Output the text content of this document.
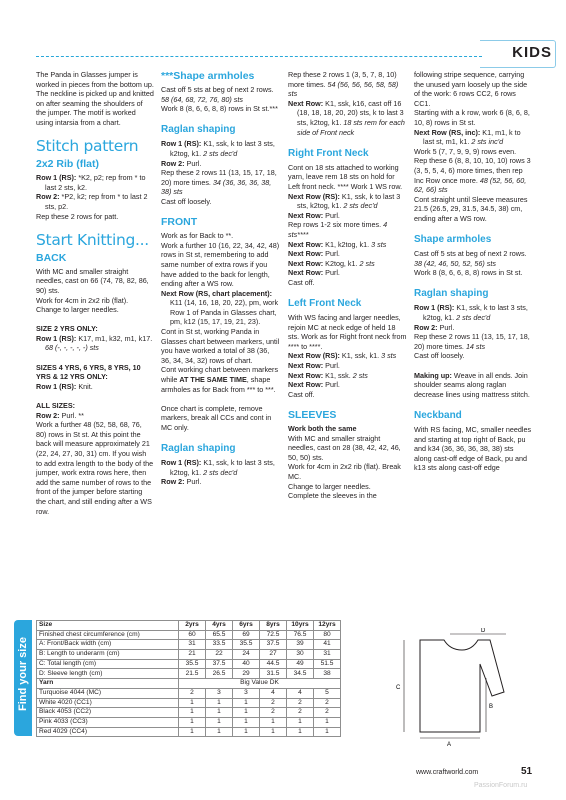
KIDS

The Panda in Glasses jumper is worked in pieces from the bottom up. The neckline is picked up and knitted on after seaming the shoulders of the jumper. The motif is worked using intarsia from a chart.

Stitch pattern
2x2 Rib (flat)

Row 1 (RS): *K2, p2; rep from * to last 2 sts, k2.

Row 2: *P2, k2; rep from * to last 2 sts, p2.

Rep these 2 rows for patt.

Start Knitting...
BACK

With MC and smaller straight needles, cast on 66 (74, 78, 82, 86, 90) sts.

Work for 4cm in 2x2 rib (flat). Change to larger needles.

SIZE 2 YRS ONLY:

Row 1 (RS): K17, m1, k32, m1, k17. 68 (-, -, -, -, -) sts

SIZES 4 YRS, 6 YRS, 8 YRS, 10 YRS & 12 YRS ONLY:

Row 1 (RS): Knit.

ALL SIZES:

Row 2: Purl. **

Work a further 48 (52, 58, 68, 76, 80) rows in St st. At this point the back will measure approximately 21 (22, 24, 27, 30, 31) cm. If you wish to add extra length to the body of the jumper, work extra rows here, then add the same number of rows to the front of the jumper before starting the chart, and still ending after a WS row.

***Shape armholes

Cast off 5 sts at beg of next 2 rows. 58 (64, 68, 72, 76, 80) sts

Work 8 (8, 6, 6, 8, 8) rows in St st.***

Raglan shaping

Row 1 (RS): K1, ssk, k to last 3 sts, k2tog, k1. 2 sts dec'd

Row 2: Purl.

Rep these 2 rows 11 (13, 15, 17, 18, 20) more times. 34 (36, 36, 36, 38, 38) sts

Cast off loosely.

FRONT

Work as for Back to **.

Work a further 10 (16, 22, 34, 42, 48) rows in St st, remembering to add same number of extra rows if you have added to the back for length, ending after a WS row.

Next Row (RS, chart placement): K11 (14, 16, 18, 20, 22), pm, work Row 1 of Panda in Glasses chart, pm, k12 (15, 17, 19, 21, 23).

Cont in St st, working Panda in Glasses chart between markers, until you have worked a total of 38 (36, 36, 34, 34, 32) rows of chart.

Cont working chart between markers while AT THE SAME TIME, shape armholes as for Back from *** to ***.

Once chart is complete, remove markers, break all CCs and cont in MC only.

Raglan shaping

Row 1 (RS): K1, ssk, k to last 3 sts, k2tog, k1. 2 sts dec'd

Row 2: Purl.

Rep these 2 rows 1 (3, 5, 7, 8, 10) more times. 54 (56, 56, 56, 58, 58) sts

Next Row: K1, ssk, k16, cast off 16 (18, 18, 18, 20, 20) sts, k to last 3 sts, k2tog, k1. 18 sts rem for each side of Front neck

Right Front Neck

Cont on 18 sts attached to working yarn, leave rem 18 sts on hold for Left front neck. **** Work 1 WS row.

Next Row (RS): K1, ssk, k to last 3 sts, k2tog, k1. 2 sts dec'd

Next Row: Purl.

Rep rows 1-2 six more times. 4 sts****

Next Row: K1, k2tog, k1. 3 sts

Next Row: Purl.

Next Row: K2tog, k1. 2 sts

Next Row: Purl.

Cast off.

Left Front Neck

With WS facing and larger needles, rejoin MC at neck edge of held 18 sts. Work as for Right front neck from **** to ****.

Next Row (RS): K1, ssk, k1. 3 sts

Next Row: Purl.

Next Row: K1, ssk. 2 sts

Next Row: Purl.

Cast off.

SLEEVES

Work both the same

With MC and smaller straight needles, cast on 28 (38, 42, 42, 46, 50, 50) sts.

Work for 4cm in 2x2 rib (flat). Break MC.

Change to larger needles.

Complete the sleeves in the

following stripe sequence, carrying the unused yarn loosely up the side of the work: 6 rows CC2, 6 rows CC1.

Starting with a k row, work 6 (8, 6, 8, 10, 8) rows in St st.

Next Row (RS, inc): K1, m1, k to last st, m1, k1. 2 sts inc'd

Work 5 (7, 7, 9, 9, 9) rows even.

Rep these 6 (8, 8, 10, 10, 10) rows 3 (3, 5, 5, 4, 6) more times, then rep Inc Row once more. 48 (52, 56, 60, 62, 66) sts

Cont straight until Sleeve measures 21.5 (26.5, 29, 31.5, 34.5, 38) cm, ending after a WS row.

Shape armholes

Cast off 5 sts at beg of next 2 rows. 38 (42, 46, 50, 52, 56) sts

Work 8 (8, 6, 6, 8, 8) rows in St st.

Raglan shaping

Row 1 (RS): K1, ssk, k to last 3 sts, k2tog, k1. 2 sts dec'd

Row 2: Purl.

Rep these 2 rows 11 (13, 15, 17, 18, 20) more times. 14 sts

Cast off loosely.

Making up: Weave in all ends. Join shoulder seams along raglan decrease lines using mattress stitch.

Neckband

With RS facing, MC, smaller needles and starting at top right of Back, pu and k34 (36, 36, 36, 38, 38) sts along cast-off edge of Back, pu and k13 sts along cast-off edge

Find your size
Size	2yrs	4yrs	6yrs	8yrs	10yrs	12yrs
Finished chest circumference (cm)	60	65.5	69	72.5	76.5	80
A: Front/Back width (cm)	31	33.5	35.5	37.5	39	41
B: Length to underarm (cm)	21	22	24	27	30	31
C: Total length (cm)	35.5	37.5	40	44.5	49	51.5
D: Sleeve length (cm)	21.5	26.5	29	31.5	34.5	38
Yarn	Big Value DK					
Turquoise 4044 (MC)	2	3	3	4	4	5
White 4020 (CC1)	1	1	1	2	2	2
Black 4053 (CC2)	1	1	1	2	2	2
Pink 4033 (CC3)	1	1	1	1	1	1
Red 4029 (CC4)	1	1	1	1	1	1
D
C
B
A
www.craftworld.com	51
PassionForum.ru
